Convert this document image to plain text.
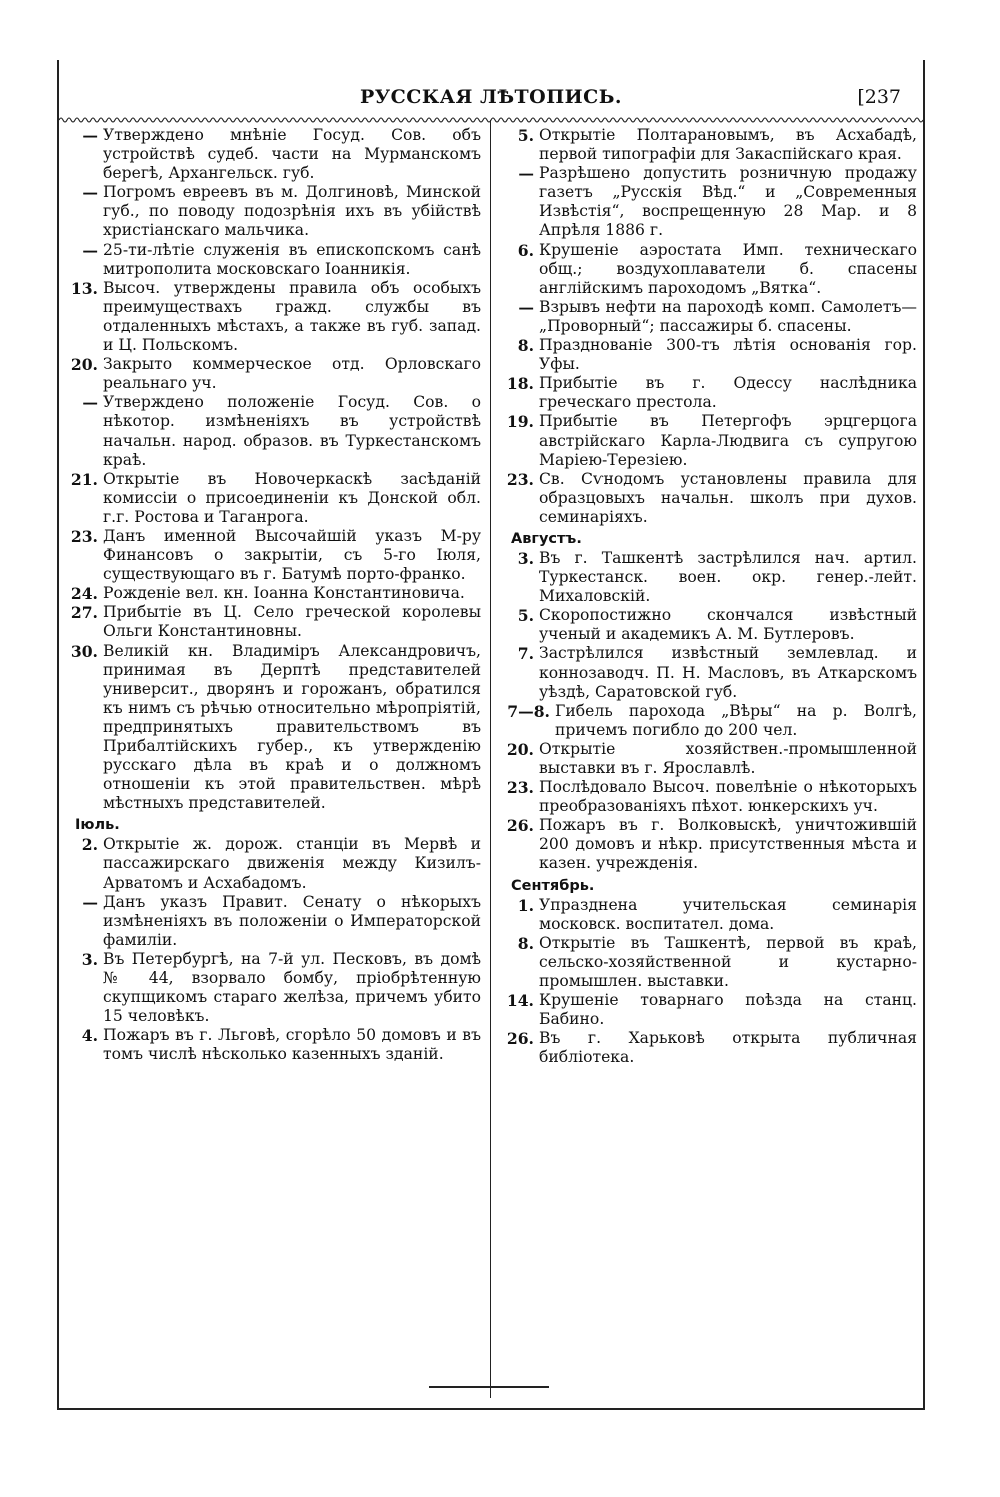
РУССКАЯ ЛѢТОПИСЬ.	[237
— Утверждено мнѣніе Госуд. Сов. объ устройствѣ судеб. части на Мурманскомъ берегѣ, Архангельск. губ.
— Погромъ евреевъ въ м. Долгиновѣ, Минской губ., по поводу подозрѣнія ихъ въ убійствѣ христіанскаго мальчика.
— 25-ти-лѣтіе служенія въ епископскомъ санѣ митрополита московскаго Іоанникія.
13. Высоч. утверждены правила объ особыхъ преимуществахъ гражд. службы въ отдаленныхъ мѣстахъ, а также въ губ. запад. и Ц. Польскомъ.
20. Закрыто коммерческое отд. Орловскаго реальнаго уч.
— Утверждено положеніе Госуд. Сов. о нѣкотор. измѣненіяхъ въ устройствѣ начальн. народ. образов. въ Туркестанскомъ краѣ.
21. Открытіе въ Новочеркаскѣ засѣданій комиссіи о присоединеніи къ Донской обл. г.г. Ростова и Таганрога.
23. Данъ именной Высочайшій указъ М-ру Финансовъ о закрытіи, съ 5-го Іюля, существующаго въ г. Батумѣ порто-франко.
24. Рожденіе вел. кн. Іоанна Константиновича.
27. Прибытіе въ Ц. Село греческой королевы Ольги Константиновны.
30. Великій кн. Владиміръ Александровичъ, принимая въ Дерптѣ представителей университ., дворянъ и горожанъ, обратился къ нимъ съ рѣчью относительно мѣропріятій, предпринятыхъ правительствомъ въ Прибалтійскихъ губер., къ утвержденію русскаго дѣла въ краѣ и о должномъ отношеніи къ этой правительствен. мѣрѣ мѣстныхъ представителей.
Іюль.
2. Открытіе ж. дорож. станціи въ Мервѣ и пассажирскаго движенія между Кизилъ-Арватомъ и Асхабадомъ.
— Данъ указъ Правит. Сенату о нѣкорыхъ измѣненіяхъ въ положеніи о Императорской фамиліи.
3. Въ Петербургѣ, на 7-й ул. Песковъ, въ домѣ № 44, взорвало бомбу, пріобрѣтенную скупщикомъ стараго желѣза, причемъ убито 15 человѣкъ.
4. Пожаръ въ г. Льговѣ, сгорѣло 50 домовъ и въ томъ числѣ нѣсколько казенныхъ зданій.
5. Открытіе Полтарановымъ, въ Асхабадѣ, первой типографіи для Закаспійскаго края.
— Разрѣшено допустить розничную продажу газетъ „Русскія Вѣд.“ и „Современныя Извѣстія“, воспрещенную 28 Мар. и 8 Апрѣля 1886 г.
6. Крушеніе аэростата Имп. техническаго общ.; воздухоплаватели б. спасены англійскимъ пароходомъ „Вятка“.
— Взрывъ нефти на пароходѣ комп. Самолетъ—„Проворный“; пассажиры б. спасены.
8. Празднованіе 300-тъ лѣтія основанія гор. Уфы.
18. Прибытіе въ г. Одессу наслѣдника греческаго престола.
19. Прибытіе въ Петергофъ эрцгерцога австрійскаго Карла-Людвига съ супругою Маріею-Терезіею.
23. Св. Сѵнодомъ установлены правила для образцовыхъ начальн. школъ при духов. семинаріяхъ.
Августъ.
3. Въ г. Ташкентѣ застрѣлился нач. артил. Туркестанск. воен. окр. генер.-лейт. Михаловскій.
5. Скоропостижно скончался извѣстный ученый и академикъ А. М. Бутлеровъ.
7. Застрѣлился извѣстный землевлад. и коннозаводч. П. Н. Масловъ, въ Аткарскомъ уѣздѣ, Саратовской губ.
7—8. Гибель парохода „Вѣры“ на р. Волгѣ, причемъ погибло до 200 чел.
20. Открытіе хозяйствен.-промышленной выставки въ г. Ярославлѣ.
23. Послѣдовало Высоч. повелѣніе о нѣкоторыхъ преобразованіяхъ пѣхот. юнкерскихъ уч.
26. Пожаръ въ г. Волковыскѣ, уничтожившій 200 домовъ и нѣкр. присутственныя мѣста и казен. учрежденія.
Сентябрь.
1. Упразднена учительская семинарія московск. воспитател. дома.
8. Открытіе въ Ташкентѣ, первой въ краѣ, сельско-хозяйственной и кустарно-промышлен. выставки.
14. Крушеніе товарнаго поѣзда на станц. Бабино.
26. Въ г. Харьковѣ открыта публичная библіотека.
